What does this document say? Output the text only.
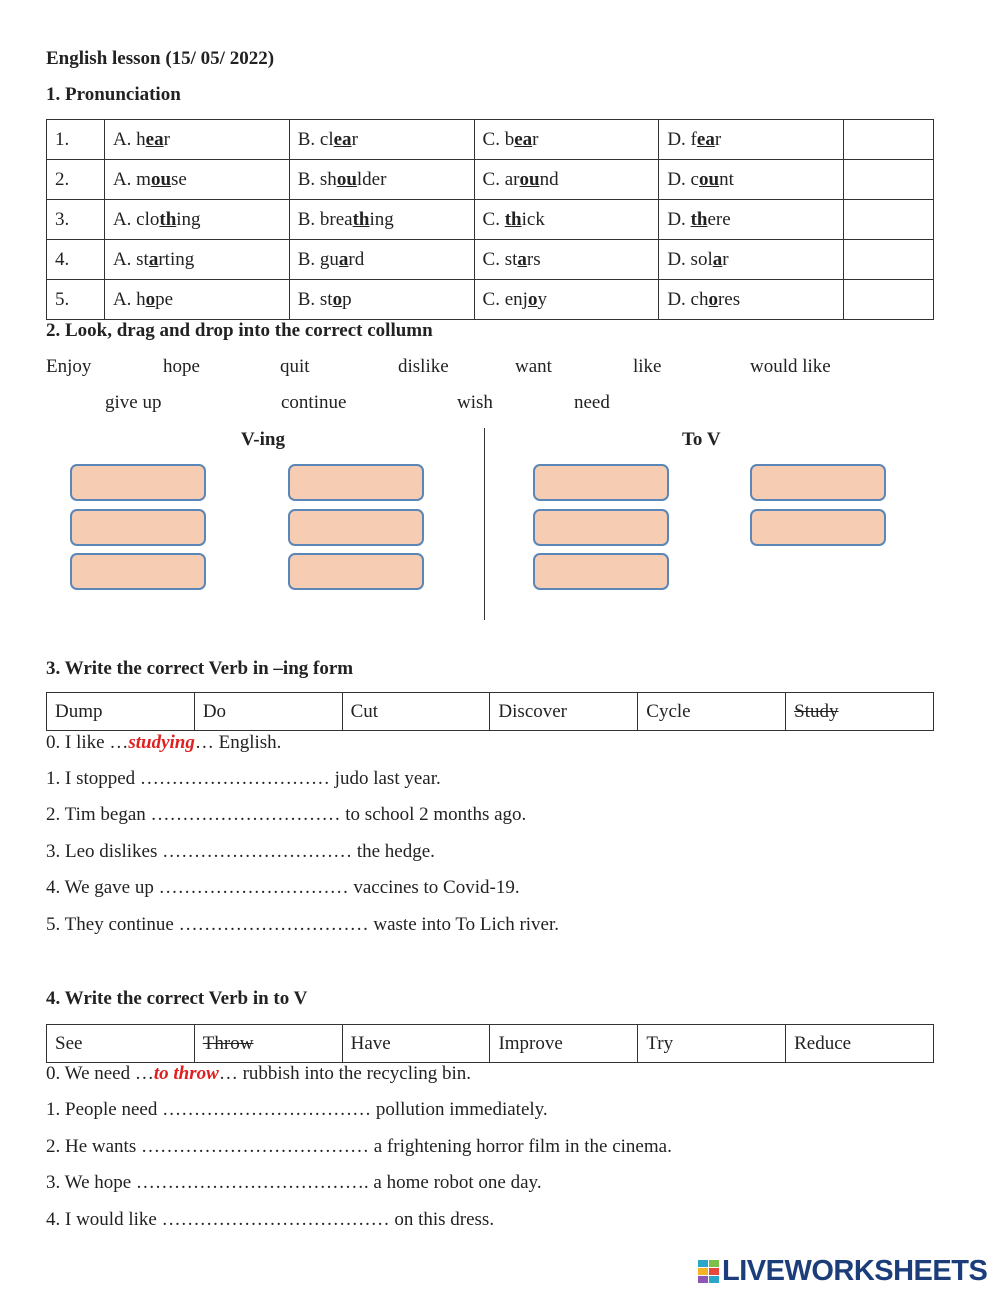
English lesson (15/ 05/ 2022)
1. Pronunciation
1.	A. hear	B. clear	C. bear	D. fear	
2.	A. mouse	B. shoulder	C. around	D. count	
3.	A. clothing	B. breathing	C. thick	D. there	
4.	A. starting	B. guard	C. stars	D. solar	
5.	A. hope	B. stop	C. enjoy	D. chores	
2. Look, drag and drop into the correct collumn
Enjoy	hope	quit	dislike	want	like	would like
give up	continue	wish	need
V-ing	To V
3. Write the correct Verb in –ing form
Dump	Do	Cut	Discover	Cycle	Study
0. I like …studying… English.
1. I stopped ………………………… judo last year.
2. Tim began ………………………… to school 2 months ago.
3. Leo dislikes ………………………… the hedge.
4. We gave up ………………………… vaccines to Covid-19.
5. They continue ………………………… waste into To Lich river.
4. Write the correct Verb in to V
See	Throw	Have	Improve	Try	Reduce
0. We need …to throw… rubbish into the recycling bin.
1. People need …………………………… pollution immediately.
2. He wants ……………………………… a frightening horror film in the cinema.
3. We hope ………………………………. a home robot one day.
4. I would like ……………………………… on this dress.
LIVEWORKSHEETS
